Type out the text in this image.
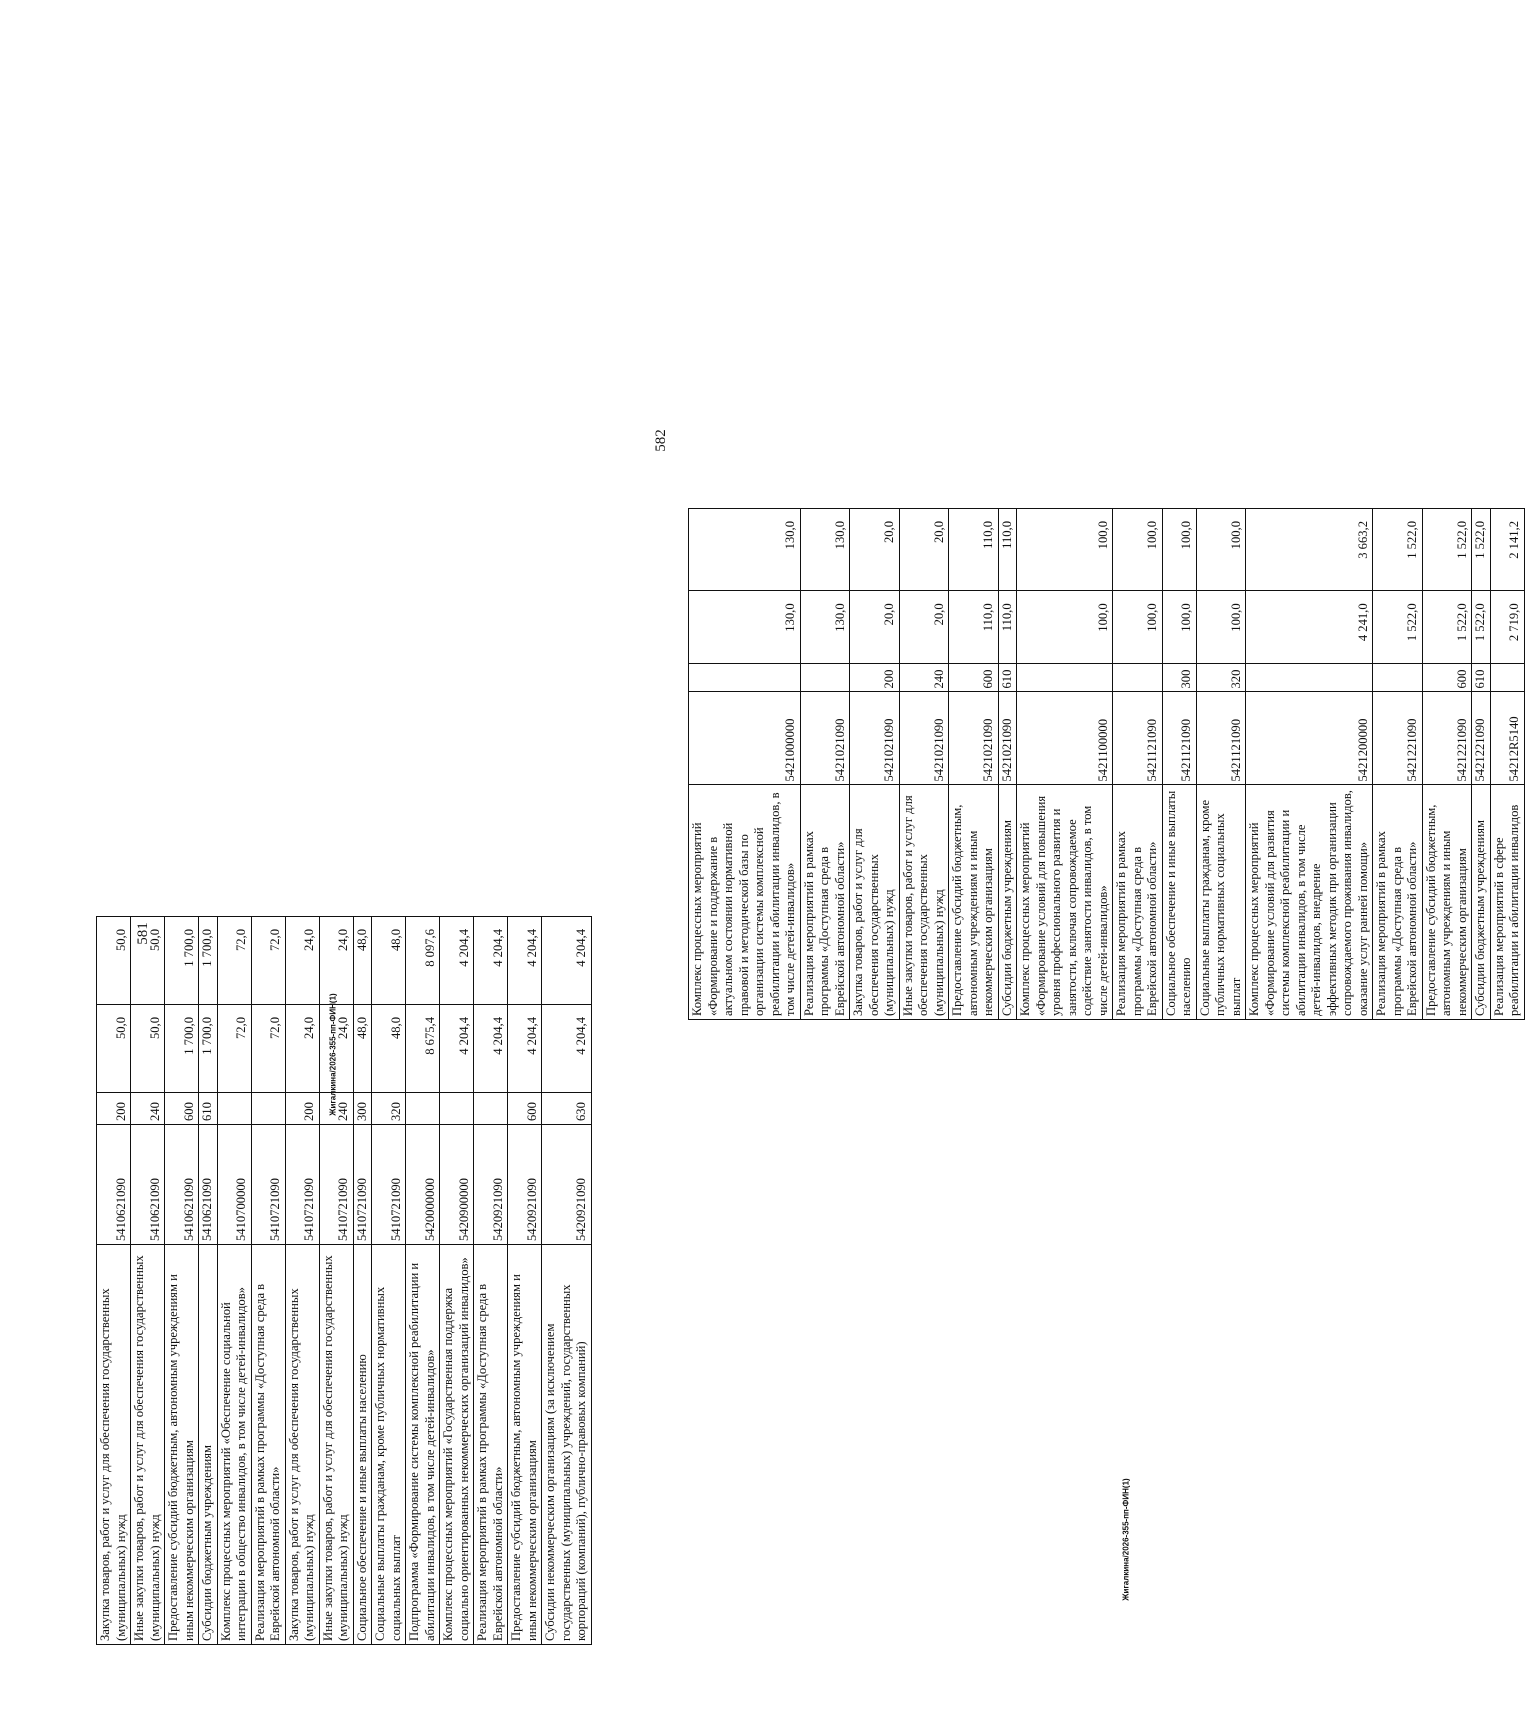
581
Жигалкина/2026-355-пп-ФИН(1)
Закупка товаров, работ и услуг для обеспечения государственных (муниципальных) нужд	5410621090	200	50,0	50,0
Иные закупки товаров, работ и услуг для обеспечения государственных (муниципальных) нужд	5410621090	240	50,0	50,0
Предоставление субсидий бюджетным, автономным учреждениям и иным некоммерческим организациям	5410621090	600	1 700,0	1 700,0
Субсидии бюджетным учреждениям	5410621090	610	1 700,0	1 700,0
Комплекс процессных мероприятий «Обеспечение социальной интеграции в общество инвалидов, в том числе детей-инвалидов»	5410700000		72,0	72,0
Реализация мероприятий в рамках программы «Доступная среда в Еврейской автономной области»	5410721090		72,0	72,0
Закупка товаров, работ и услуг для обеспечения государственных (муниципальных) нужд	5410721090	200	24,0	24,0
Иные закупки товаров, работ и услуг для обеспечения государственных (муниципальных) нужд	5410721090	240	24,0	24,0
Социальное обеспечение и иные выплаты населению	5410721090	300	48,0	48,0
Социальные выплаты гражданам, кроме публичных нормативных социальных выплат	5410721090	320	48,0	48,0
Подпрограмма «Формирование системы комплексной реабилитации и абилитации инвалидов, в том числе детей-инвалидов»	5420000000		8 675,4	8 097,6
Комплекс процессных мероприятий «Государственная поддержка социально ориентированных некоммерческих организаций инвалидов»	5420900000		4 204,4	4 204,4
Реализация мероприятий в рамках программы «Доступная среда в Еврейской автономной области»	5420921090		4 204,4	4 204,4
Предоставление субсидий бюджетным, автономным учреждениям и иным некоммерческим организациям	5420921090	600	4 204,4	4 204,4
Субсидии некоммерческим организациям (за исключением государственных (муниципальных) учреждений, государственных корпораций (компаний), публично-правовых компаний)	5420921090	630	4 204,4	4 204,4
582
Жигалкина/2026-355-пп-ФИН(1)
Комплекс процессных мероприятий «Формирование и поддержание в актуальном состоянии нормативной правовой и методической базы по организации системы комплексной реабилитации и абилитации инвалидов, в том числе детей-инвалидов»	5421000000		130,0	130,0
Реализация мероприятий в рамках программы «Доступная среда в Еврейской автономной области»	5421021090		130,0	130,0
Закупка товаров, работ и услуг для обеспечения государственных (муниципальных) нужд	5421021090	200	20,0	20,0
Иные закупки товаров, работ и услуг для обеспечения государственных (муниципальных) нужд	5421021090	240	20,0	20,0
Предоставление субсидий бюджетным, автономным учреждениям и иным некоммерческим организациям	5421021090	600	110,0	110,0
Субсидии бюджетным учреждениям	5421021090	610	110,0	110,0
Комплекс процессных мероприятий «Формирование условий для повышения уровня профессионального развития и занятости, включая сопровождаемое содействие занятости инвалидов, в том числе детей-инвалидов»	5421100000		100,0	100,0
Реализация мероприятий в рамках программы «Доступная среда в Еврейской автономной области»	5421121090		100,0	100,0
Социальное обеспечение и иные выплаты населению	5421121090	300	100,0	100,0
Социальные выплаты гражданам, кроме публичных нормативных социальных выплат	5421121090	320	100,0	100,0
Комплекс процессных мероприятий «Формирование условий для развития системы комплексной реабилитации и абилитации инвалидов, в том числе детей-инвалидов, внедрение эффективных методик при организации сопровождаемого проживания инвалидов, оказание услуг ранней помощи»	5421200000		4 241,0	3 663,2
Реализация мероприятий в рамках программы «Доступная среда в Еврейской автономной области»	5421221090		1 522,0	1 522,0
Предоставление субсидий бюджетным, автономным учреждениям и иным некоммерческим организациям	5421221090	600	1 522,0	1 522,0
Субсидии бюджетным учреждениям	5421221090	610	1 522,0	1 522,0
Реализация мероприятий в сфере реабилитации и абилитации инвалидов	54212R5140		2 719,0	2 141,2
